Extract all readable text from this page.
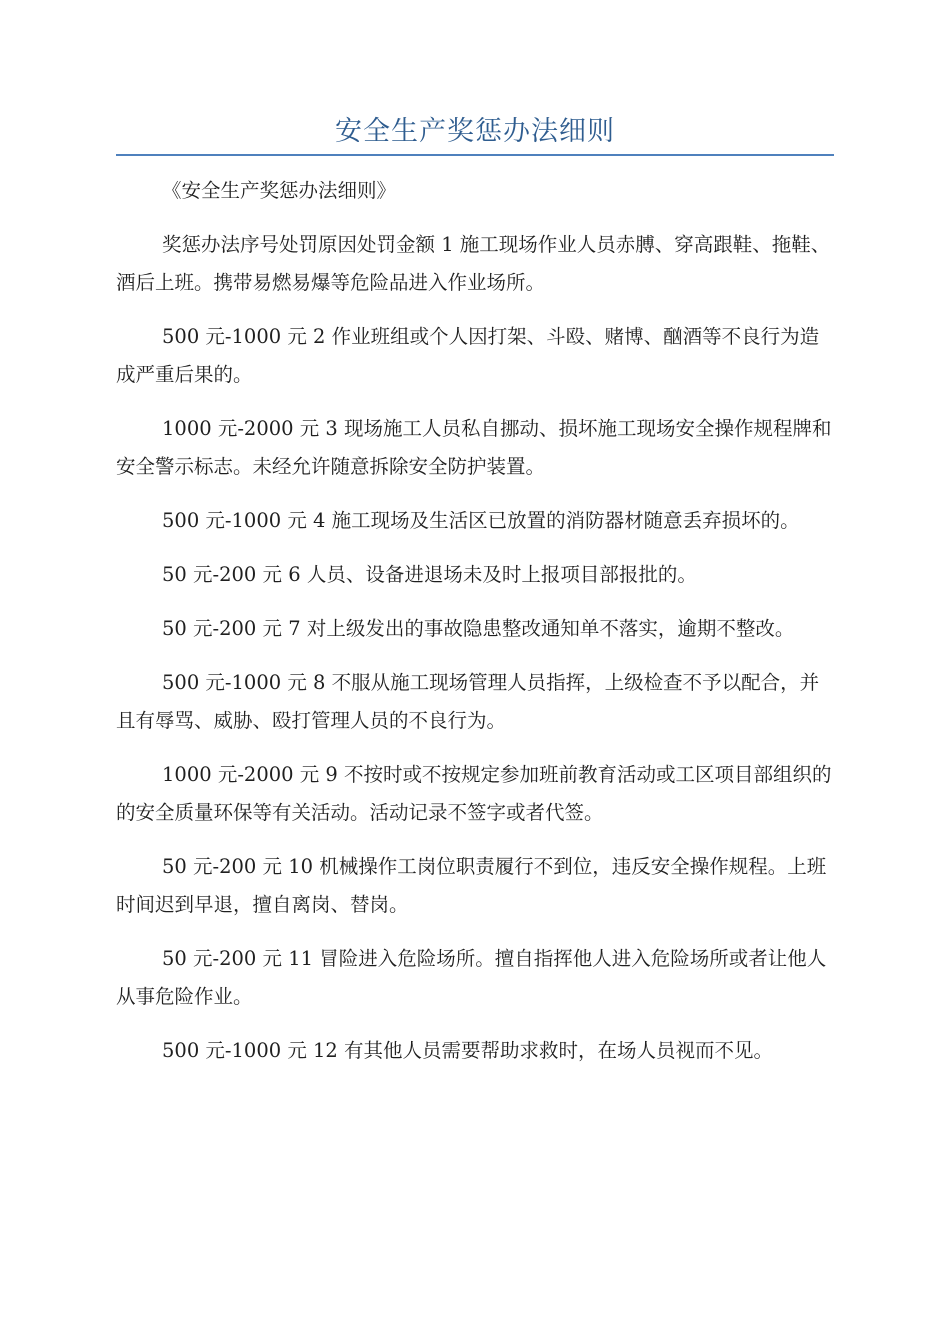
安全生产奖惩办法细则

《安全生产奖惩办法细则》

奖惩办法序号处罚原因处罚金额 1 施工现场作业人员赤膊、穿高跟鞋、拖鞋、酒后上班。携带易燃易爆等危险品进入作业场所。

500 元-1000 元 2 作业班组或个人因打架、斗殴、赌博、酗酒等不良行为造成严重后果的。

1000 元-2000 元 3 现场施工人员私自挪动、损坏施工现场安全操作规程牌和安全警示标志。未经允许随意拆除安全防护装置。

500 元-1000 元 4 施工现场及生活区已放置的消防器材随意丢弃损坏的。

50 元-200 元 6 人员、设备进退场未及时上报项目部报批的。

50 元-200 元 7 对上级发出的事故隐患整改通知单不落实，逾期不整改。

500 元-1000 元 8 不服从施工现场管理人员指挥，上级检查不予以配合，并且有辱骂、威胁、殴打管理人员的不良行为。

1000 元-2000 元 9 不按时或不按规定参加班前教育活动或工区项目部组织的的安全质量环保等有关活动。活动记录不签字或者代签。

50 元-200 元 10 机械操作工岗位职责履行不到位，违反安全操作规程。上班时间迟到早退，擅自离岗、替岗。

50 元-200 元 11 冒险进入危险场所。擅自指挥他人进入危险场所或者让他人从事危险作业。

500 元-1000 元 12 有其他人员需要帮助求救时，在场人员视而不见。
